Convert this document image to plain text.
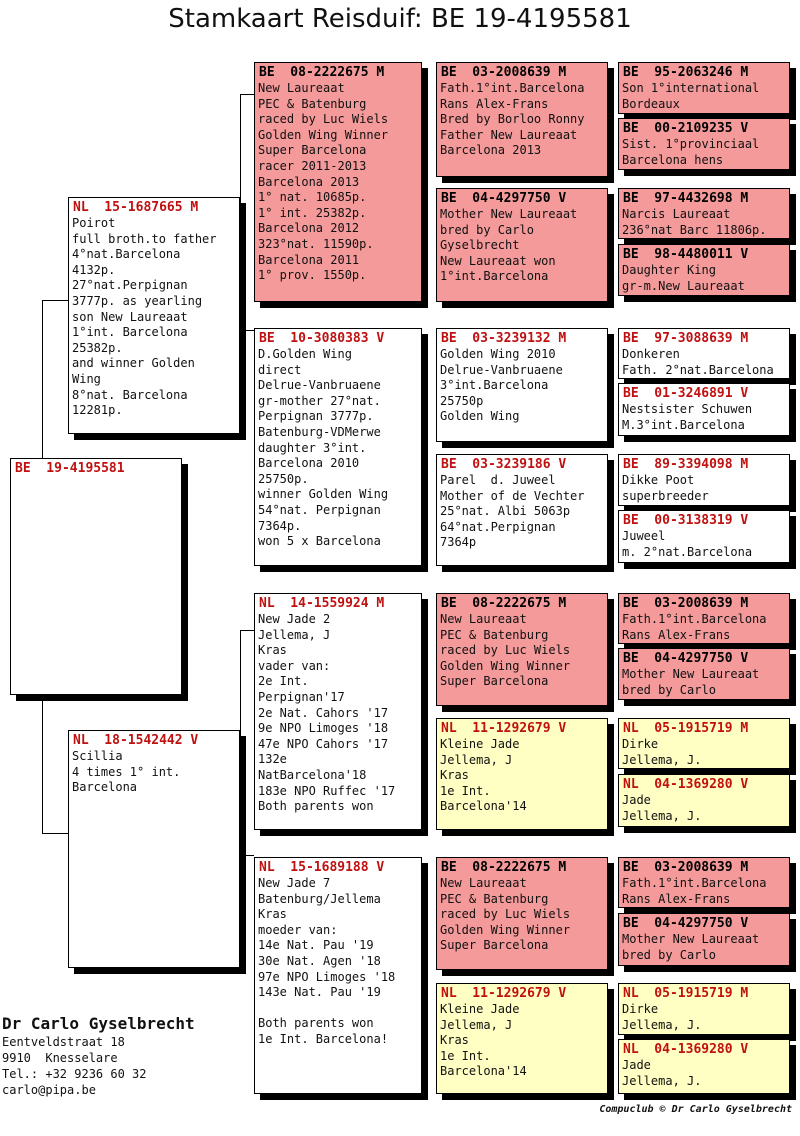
Stamkaart Reisduif: BE 19-4195581
BE  19-4195581
NL  15-1687665 M
Poirot
full broth.to father
4°nat.Barcelona
4132p.
27°nat.Perpignan
3777p. as yearling
son New Laureaat
1°int. Barcelona
25382p.
and winner Golden
Wing
8°nat. Barcelona
12281p.
NL  18-1542442 V
Scillia
4 times 1° int.
Barcelona
BE  08-2222675 M
New Laureaat
PEC & Batenburg
raced by Luc Wiels
Golden Wing Winner
Super Barcelona
racer 2011-2013
Barcelona 2013
1° nat. 10685p.
1° int. 25382p.
Barcelona 2012
323°nat. 11590p.
Barcelona 2011
1° prov. 1550p.
BE  10-3080383 V
D.Golden Wing
direct
Delrue-Vanbruaene
gr-mother 27°nat.
Perpignan 3777p.
Batenburg-VDMerwe
daughter 3°int.
Barcelona 2010
25750p.
winner Golden Wing
54°nat. Perpignan
7364p.
won 5 x Barcelona
NL  14-1559924 M
New Jade 2
Jellema, J
Kras
vader van:
2e Int.
Perpignan'17
2e Nat. Cahors '17
9e NPO Limoges '18
47e NPO Cahors '17
132e
NatBarcelona'18
183e NPO Ruffec '17
Both parents won
NL  15-1689188 V
New Jade 7
Batenburg/Jellema
Kras
moeder van:
14e Nat. Pau '19
30e Nat. Agen '18
97e NPO Limoges '18
143e Nat. Pau '19
Both parents won
1e Int. Barcelona!
BE  03-2008639 M
Fath.1°int.Barcelona
Rans Alex-Frans
Bred by Borloo Ronny
Father New Laureaat
Barcelona 2013
BE  04-4297750 V
Mother New Laureaat
bred by Carlo
Gyselbrecht
New Laureaat won
1°int.Barcelona
BE  03-3239132 M
Golden Wing 2010
Delrue-Vanbruaene
3°int.Barcelona
25750p
Golden Wing
BE  03-3239186 V
Parel  d. Juweel
Mother of de Vechter
25°nat. Albi 5063p
64°nat.Perpignan
7364p
BE  08-2222675 M
New Laureaat
PEC & Batenburg
raced by Luc Wiels
Golden Wing Winner
Super Barcelona
NL  11-1292679 V
Kleine Jade
Jellema, J
Kras
1e Int.
Barcelona'14
BE  08-2222675 M
New Laureaat
PEC & Batenburg
raced by Luc Wiels
Golden Wing Winner
Super Barcelona
NL  11-1292679 V
Kleine Jade
Jellema, J
Kras
1e Int.
Barcelona'14
BE  95-2063246 M
Son 1°international
Bordeaux
BE  00-2109235 V
Sist. 1°provinciaal
Barcelona hens
BE  97-4432698 M
Narcis Laureaat
236°nat Barc 11806p.
BE  98-4480011 V
Daughter King
gr-m.New Laureaat
BE  97-3088639 M
Donkeren
Fath. 2°nat.Barcelona
BE  01-3246891 V
Nestsister Schuwen
M.3°int.Barcelona
BE  89-3394098 M
Dikke Poot
superbreeder
BE  00-3138319 V
Juweel
m. 2°nat.Barcelona
BE  03-2008639 M
Fath.1°int.Barcelona
Rans Alex-Frans
BE  04-4297750 V
Mother New Laureaat
bred by Carlo
NL  05-1915719 M
Dirke
Jellema, J.
NL  04-1369280 V
Jade
Jellema, J.
BE  03-2008639 M
Fath.1°int.Barcelona
Rans Alex-Frans
BE  04-4297750 V
Mother New Laureaat
bred by Carlo
NL  05-1915719 M
Dirke
Jellema, J.
NL  04-1369280 V
Jade
Jellema, J.
Dr Carlo Gyselbrecht
Eentveldstraat 18
9910  Knesselare
Tel.: +32 9236 60 32
carlo@pipa.be
Compuclub © Dr Carlo Gyselbrecht
